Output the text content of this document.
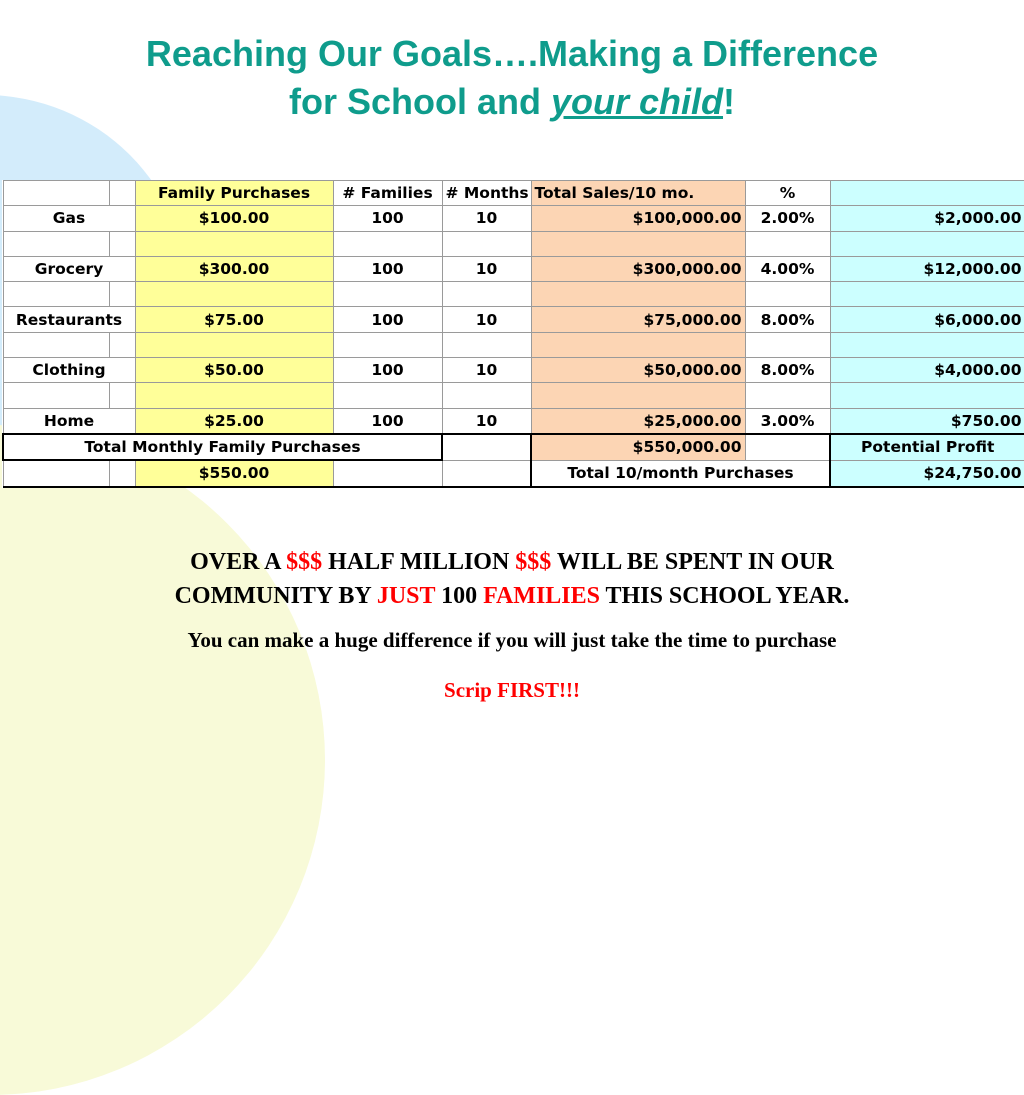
Reaching Our Goals….Making a Difference
for School and your child!
		Family Purchases	# Families	# Months	Total Sales/10 mo.	%	
Gas		$100.00	100	10	$100,000.00	2.00%	$2,000.00

Grocery		$300.00	100	10	$300,000.00	4.00%	$12,000.00

Restaurants		$75.00	100	10	$75,000.00	8.00%	$6,000.00

Clothing		$50.00	100	10	$50,000.00	8.00%	$4,000.00

Home		$25.00	100	10	$25,000.00	3.00%	$750.00
Total Monthly Family Purchases					$550,000.00		Potential Profit
		$550.00			Total 10/month Purchases		$24,750.00
OVER A $$$ HALF MILLION $$$ WILL BE SPENT IN OUR
COMMUNITY BY JUST 100 FAMILIES THIS SCHOOL YEAR.
You can make a huge difference if you will just take the time to purchase
Scrip FIRST!!!
